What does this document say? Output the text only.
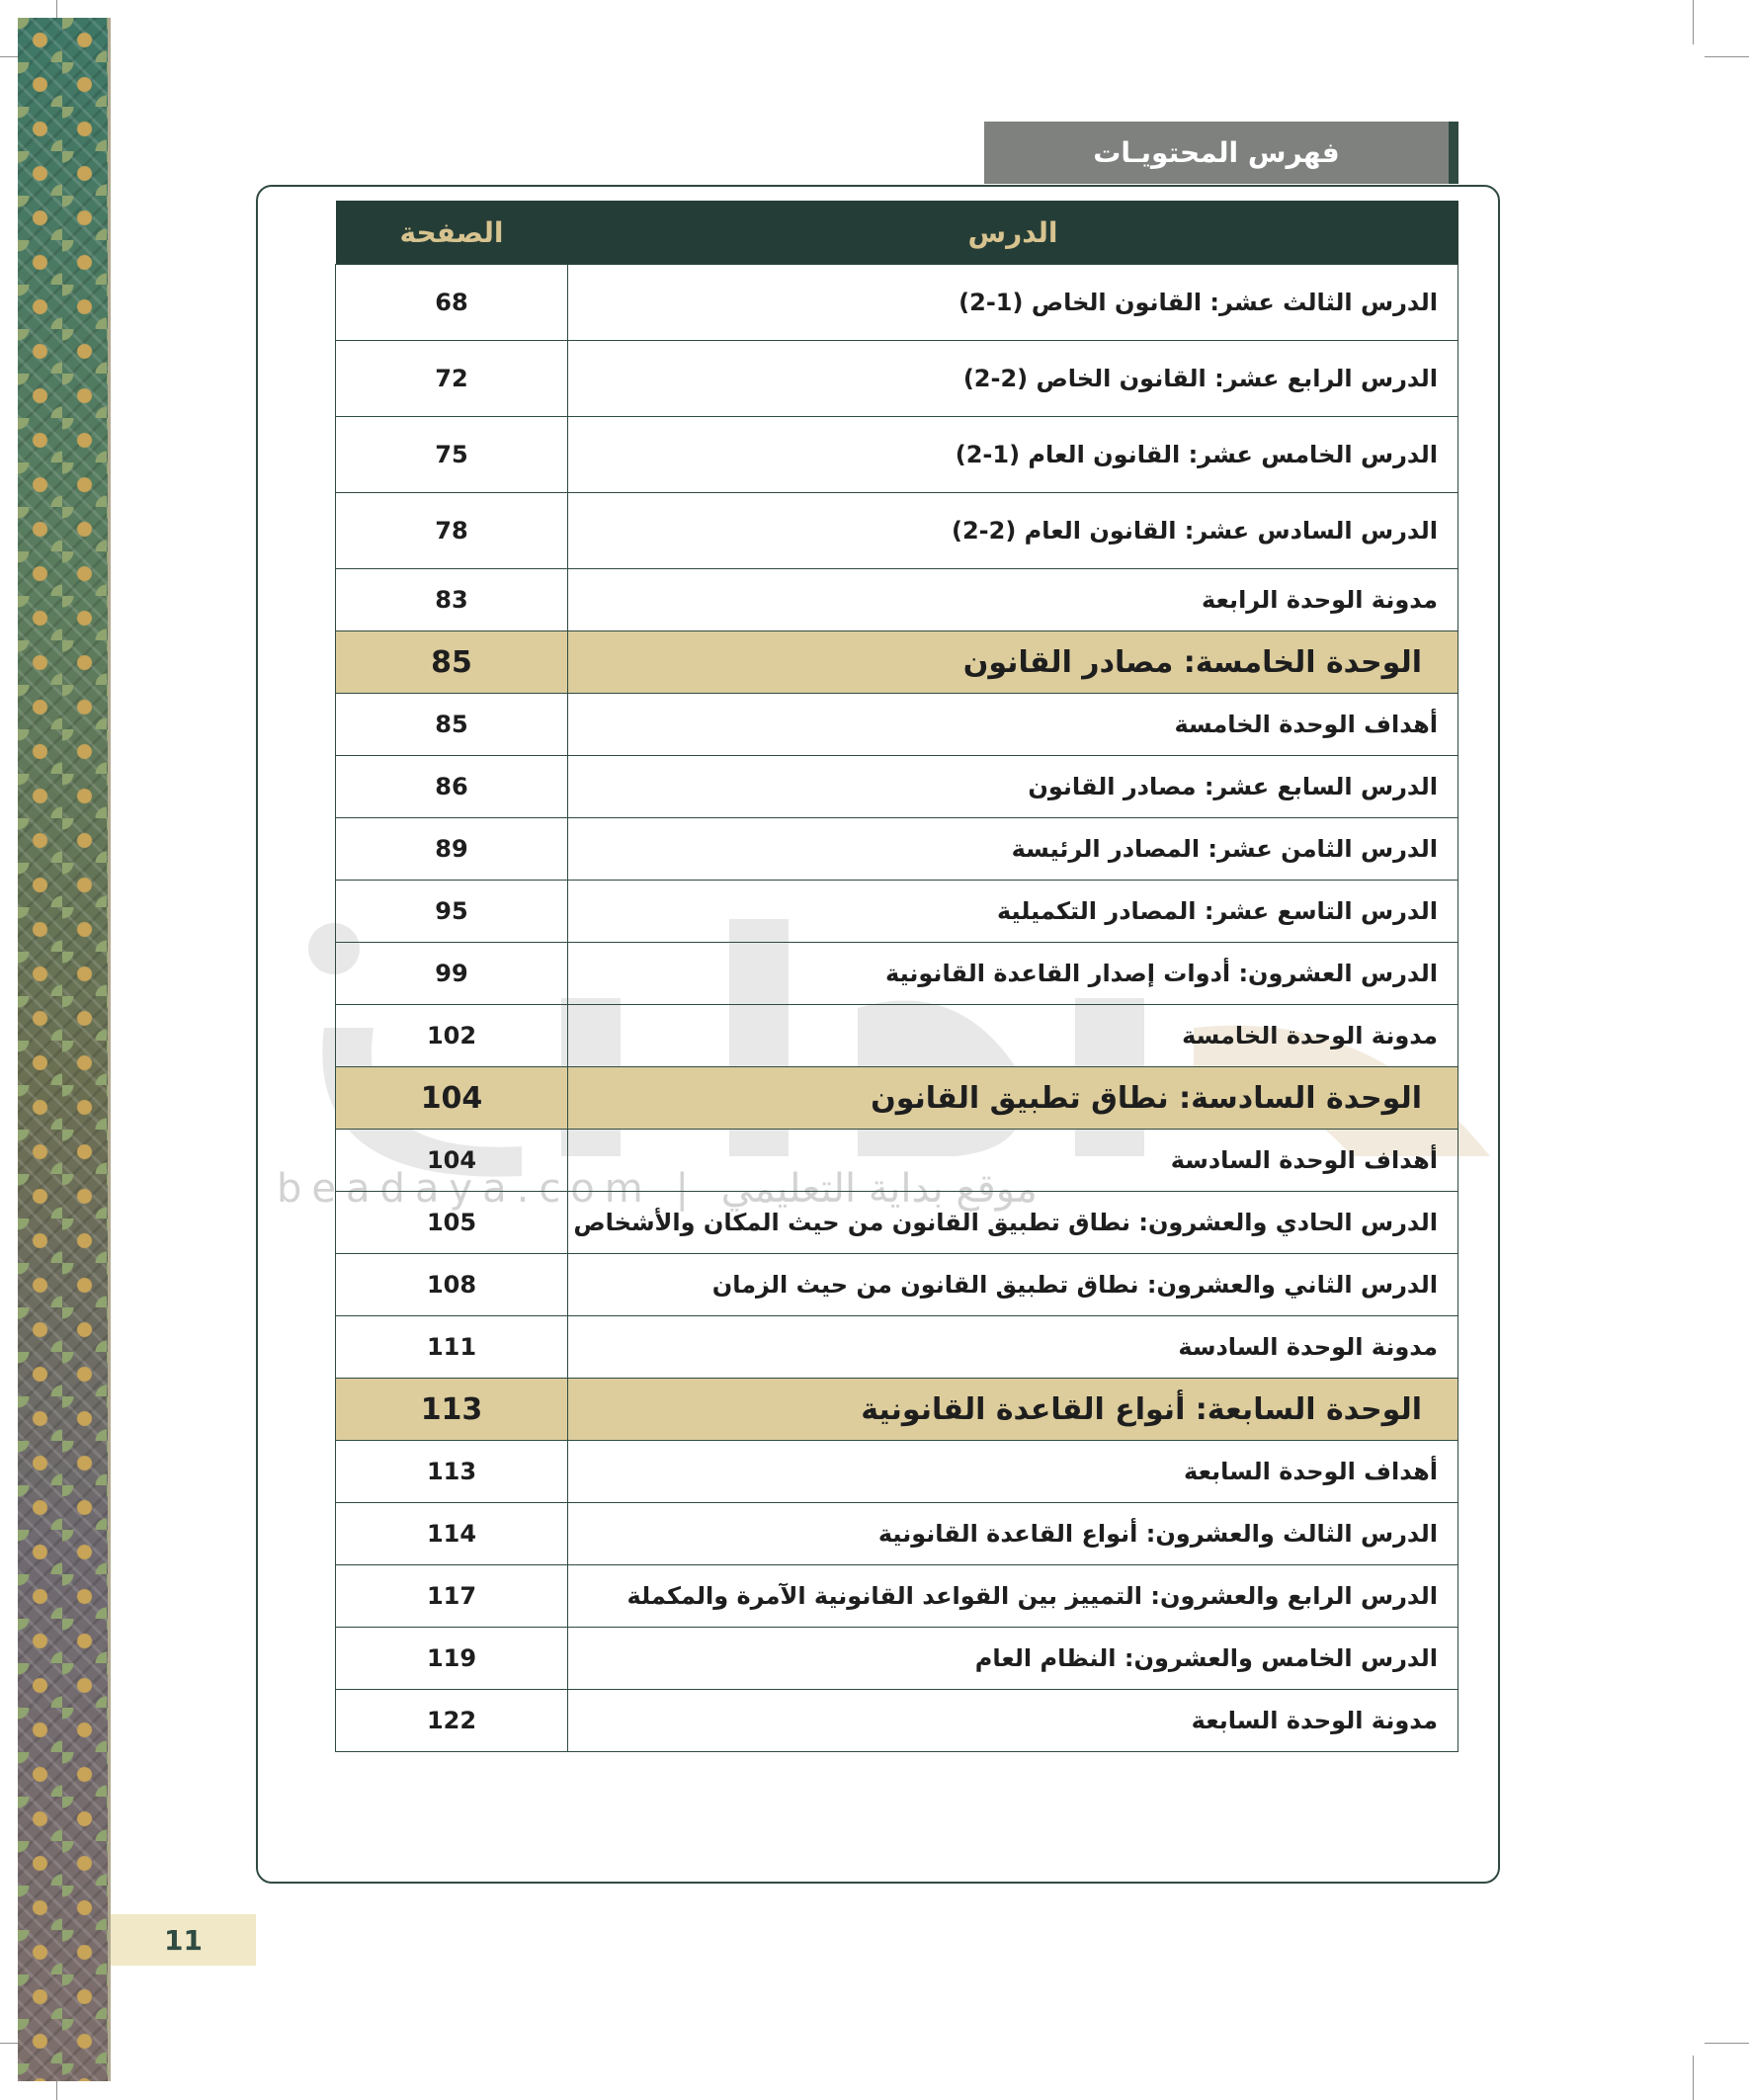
فهرس المحتويـات
beadaya.com | موقع بداية التعليمي
الدرس	الصفحة
الدرس الثالث عشر: القانون الخاص (1-2)	68
الدرس الرابع عشر: القانون الخاص (2-2)	72
الدرس الخامس عشر: القانون العام (1-2)	75
الدرس السادس عشر: القانون العام (2-2)	78
مدونة الوحدة الرابعة	83
الوحدة الخامسة: مصادر القانون	85
أهداف الوحدة الخامسة	85
الدرس السابع عشر: مصادر القانون	86
الدرس الثامن عشر: المصادر الرئيسة	89
الدرس التاسع عشر: المصادر التكميلية	95
الدرس العشرون: أدوات إصدار القاعدة القانونية	99
مدونة الوحدة الخامسة	102
الوحدة السادسة: نطاق تطبيق القانون	104
أهداف الوحدة السادسة	104
الدرس الحادي والعشرون: نطاق تطبيق القانون من حيث المكان والأشخاص	105
الدرس الثاني والعشرون: نطاق تطبيق القانون من حيث الزمان	108
مدونة الوحدة السادسة	111
الوحدة السابعة: أنواع القاعدة القانونية	113
أهداف الوحدة السابعة	113
الدرس الثالث والعشرون: أنواع القاعدة القانونية	114
الدرس الرابع والعشرون: التمييز بين القواعد القانونية الآمرة والمكملة	117
الدرس الخامس والعشرون: النظام العام	119
مدونة الوحدة السابعة	122
11
